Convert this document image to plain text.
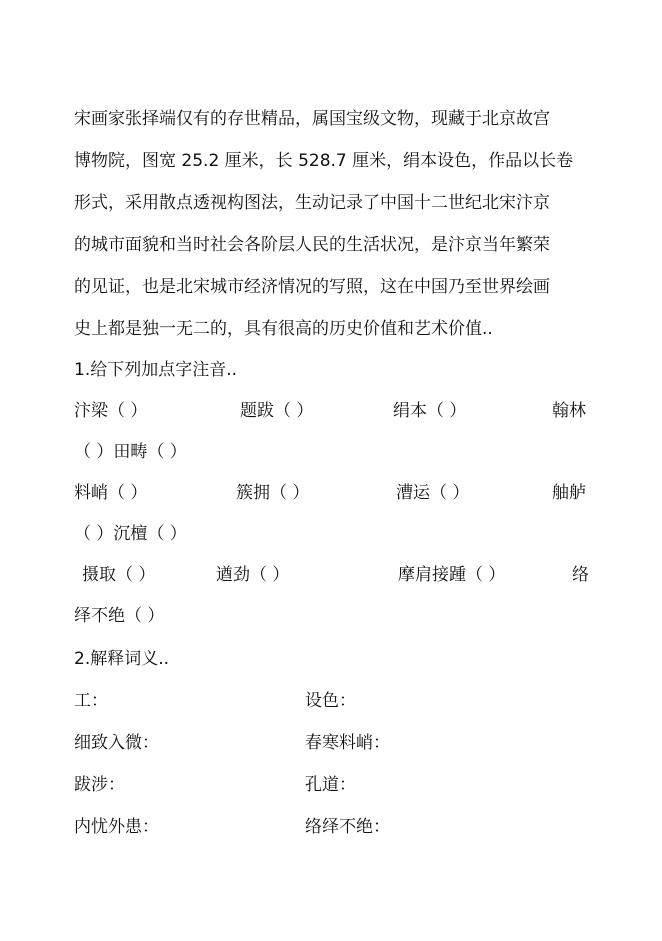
宋画家张择端仅有的存世精品，属国宝级文物，现藏于北京故宫
博物院，图宽 25.2 厘米，长 528.7 厘米，绢本设色，作品以长卷
形式，采用散点透视构图法，生动记录了中国十二世纪北宋汴京
的城市面貌和当时社会各阶层人民的生活状况，是汴京当年繁荣
的见证，也是北宋城市经济情况的写照，这在中国乃至世界绘画
史上都是独一无二的，具有很高的历史价值和艺术价值..
1.给下列加点字注音..
汴梁（ ）	题跋（ ）	绢本（ ）	翰林
（ ）田畴（ ）
料峭（ ）	簇拥（ ）	漕运（ ）	舳舻
（ ）沉檀（ ）
摄取（ ）	遒劲（ ）	摩肩接踵（ ）	络
绎不绝（ ）
2.解释词义..
工：	设色：
细致入微：	春寒料峭：
跋涉：	孔道：
内忧外患：	络绎不绝：
